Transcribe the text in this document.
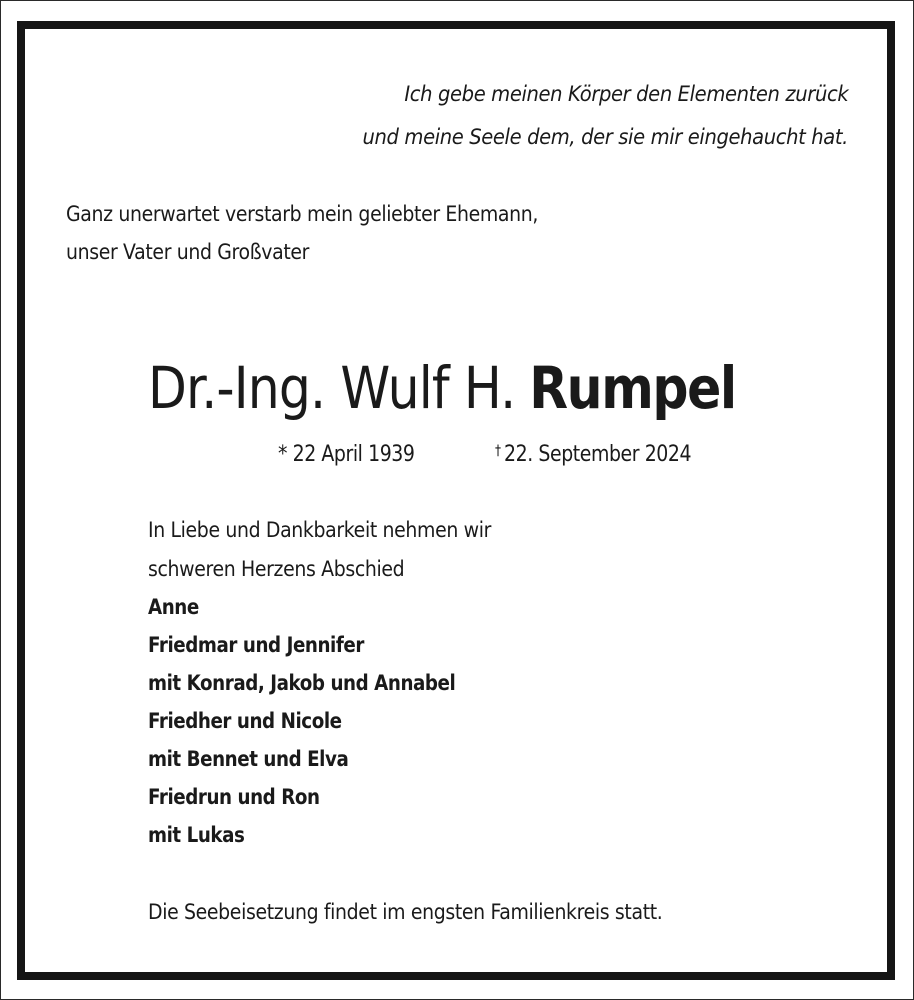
Ich gebe meinen Körper den Elementen zurück

und meine Seele dem, der sie mir eingehaucht hat.

Ganz unerwartet verstarb mein geliebter Ehemann,

unser Vater und Großvater

Dr.-Ing. Wulf H. Rumpel

* 22 April 1939	† 22. September 2024

In Liebe und Dankbarkeit nehmen wir

schweren Herzens Abschied

Anne

Friedmar und Jennifer

mit Konrad, Jakob und Annabel

Friedher und Nicole

mit Bennet und Elva

Friedrun und Ron

mit Lukas

Die Seebeisetzung findet im engsten Familienkreis statt.
